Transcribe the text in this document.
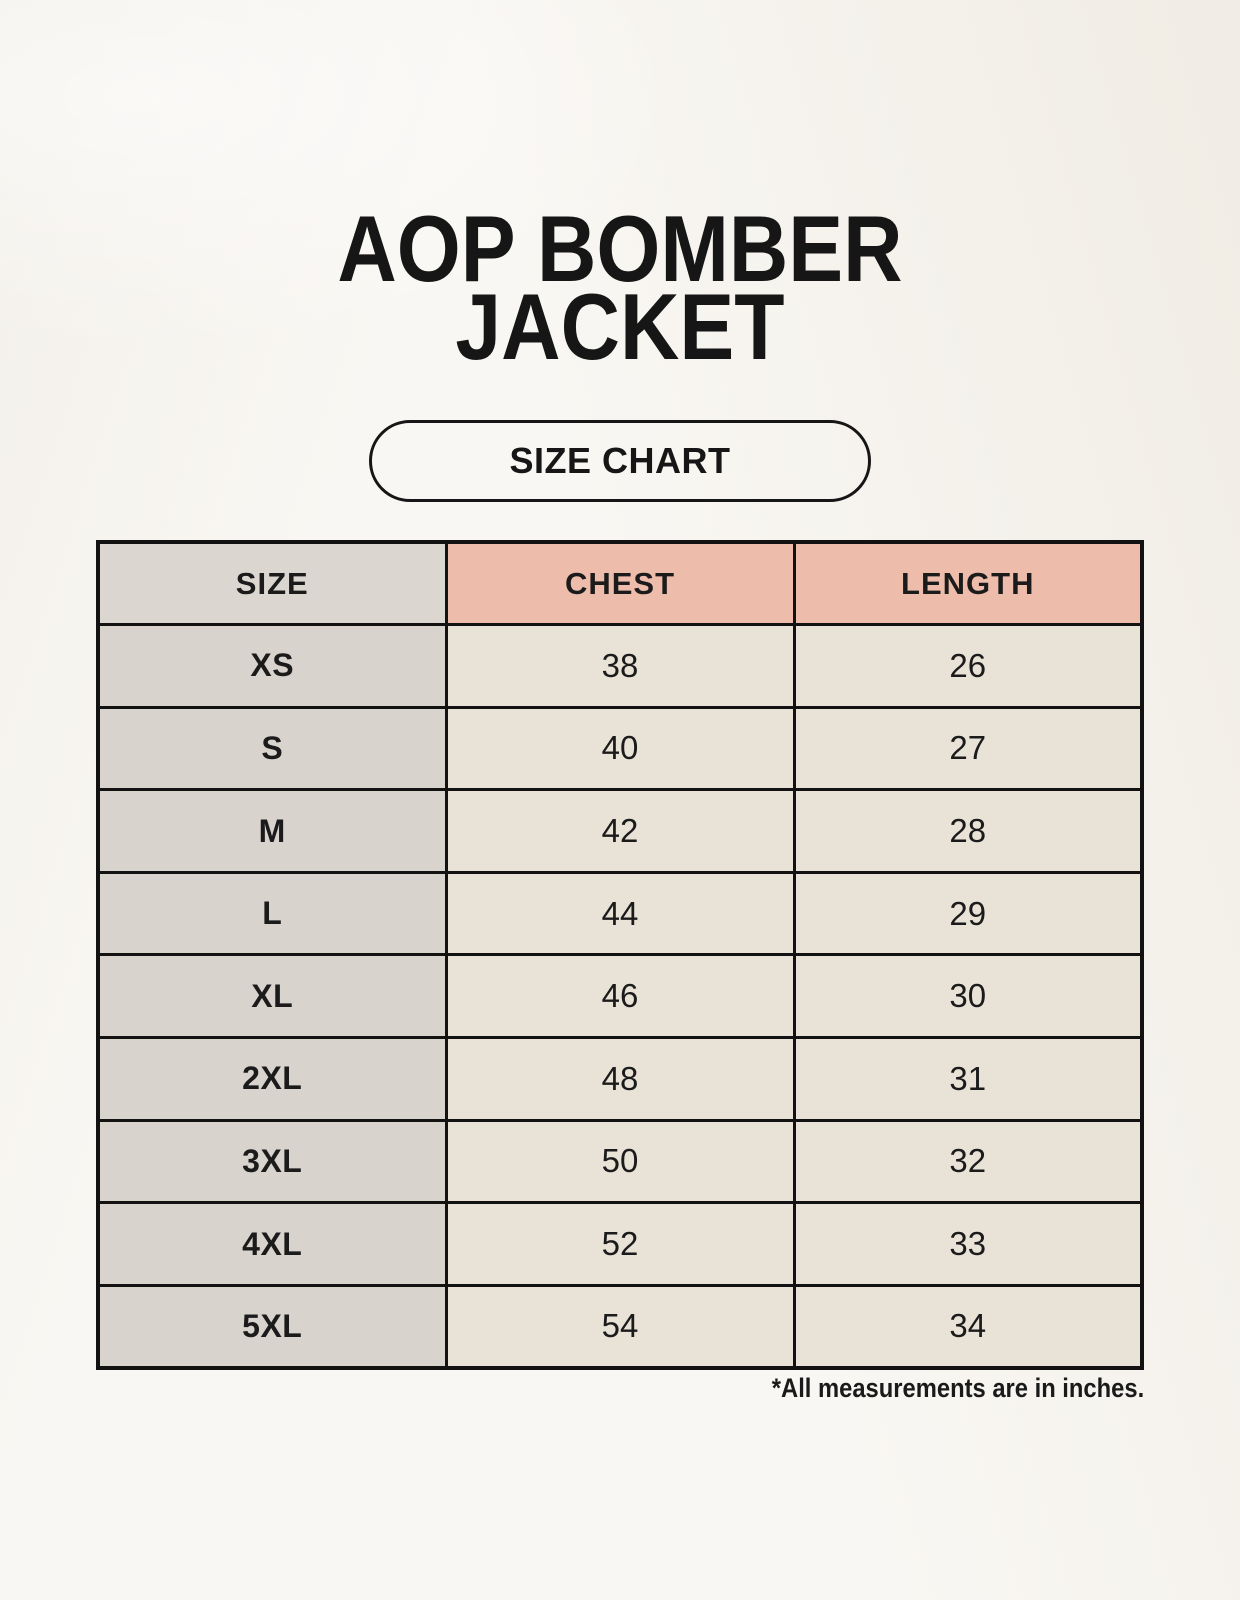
AOP BOMBER
JACKET
SIZE CHART
SIZE	CHEST	LENGTH
XS	38	26
S	40	27
M	42	28
L	44	29
XL	46	30
2XL	48	31
3XL	50	32
4XL	52	33
5XL	54	34
*All measurements are in inches.
